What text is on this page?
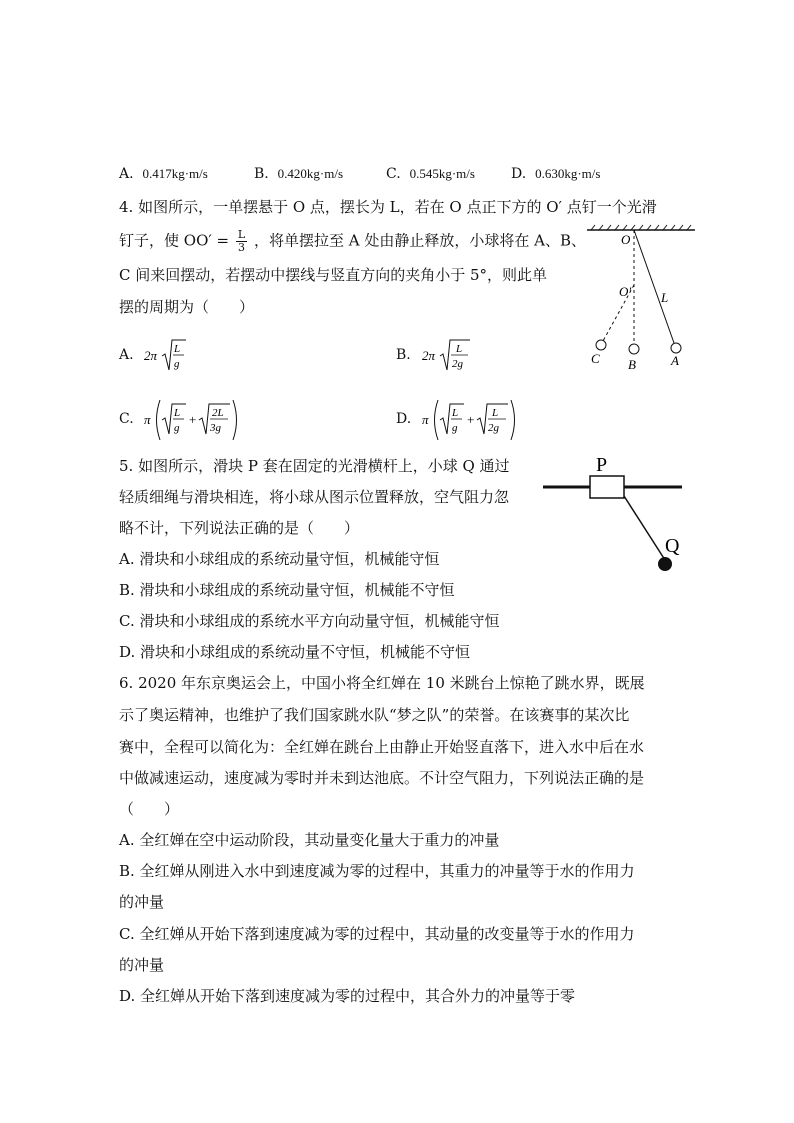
A. 0.417kg·m/s	B. 0.420kg·m/s	C. 0.545kg·m/s	D. 0.630kg·m/s
4. 如图所示，一单摆悬于 O 点，摆长为 L，若在 O 点正下方的 O′ 点钉一个光滑
钉子，使 $OO' = \frac{L}{3}$ ，将单摆拉至 A 处由静止释放，小球将在 A、B、
C 间来回摆动，若摆动中摆线与竖直方向的夹角小于 5°，则此单
摆的周期为（　　）
O
O′ L
A
B
C
A. 2π L
g
B. 2π L
2g
C. π L
g
+ 2L
3g
D. π L
g
+ L
2g
5. 如图所示，滑块 P 套在固定的光滑横杆上，小球 Q 通过
轻质细绳与滑块相连，将小球从图示位置释放，空气阻力忽
略不计，下列说法正确的是（　　）
A. 滑块和小球组成的系统动量守恒，机械能守恒
B. 滑块和小球组成的系统动量守恒，机械能不守恒
C. 滑块和小球组成的系统水平方向动量守恒，机械能守恒
D. 滑块和小球组成的系统动量不守恒，机械能不守恒
P
Q
6. 2020 年东京奥运会上，中国小将全红婵在 10 米跳台上惊艳了跳水界，既展
示了奥运精神，也维护了我们国家跳水队“梦之队”的荣誉。在该赛事的某次比
赛中，全程可以简化为：全红婵在跳台上由静止开始竖直落下，进入水中后在水
中做减速运动，速度减为零时并未到达池底。不计空气阻力，下列说法正确的是
（　　）
A. 全红婵在空中运动阶段，其动量变化量大于重力的冲量
B. 全红婵从刚进入水中到速度减为零的过程中，其重力的冲量等于水的作用力
的冲量
C. 全红婵从开始下落到速度减为零的过程中，其动量的改变量等于水的作用力
的冲量
D. 全红婵从开始下落到速度减为零的过程中，其合外力的冲量等于零
